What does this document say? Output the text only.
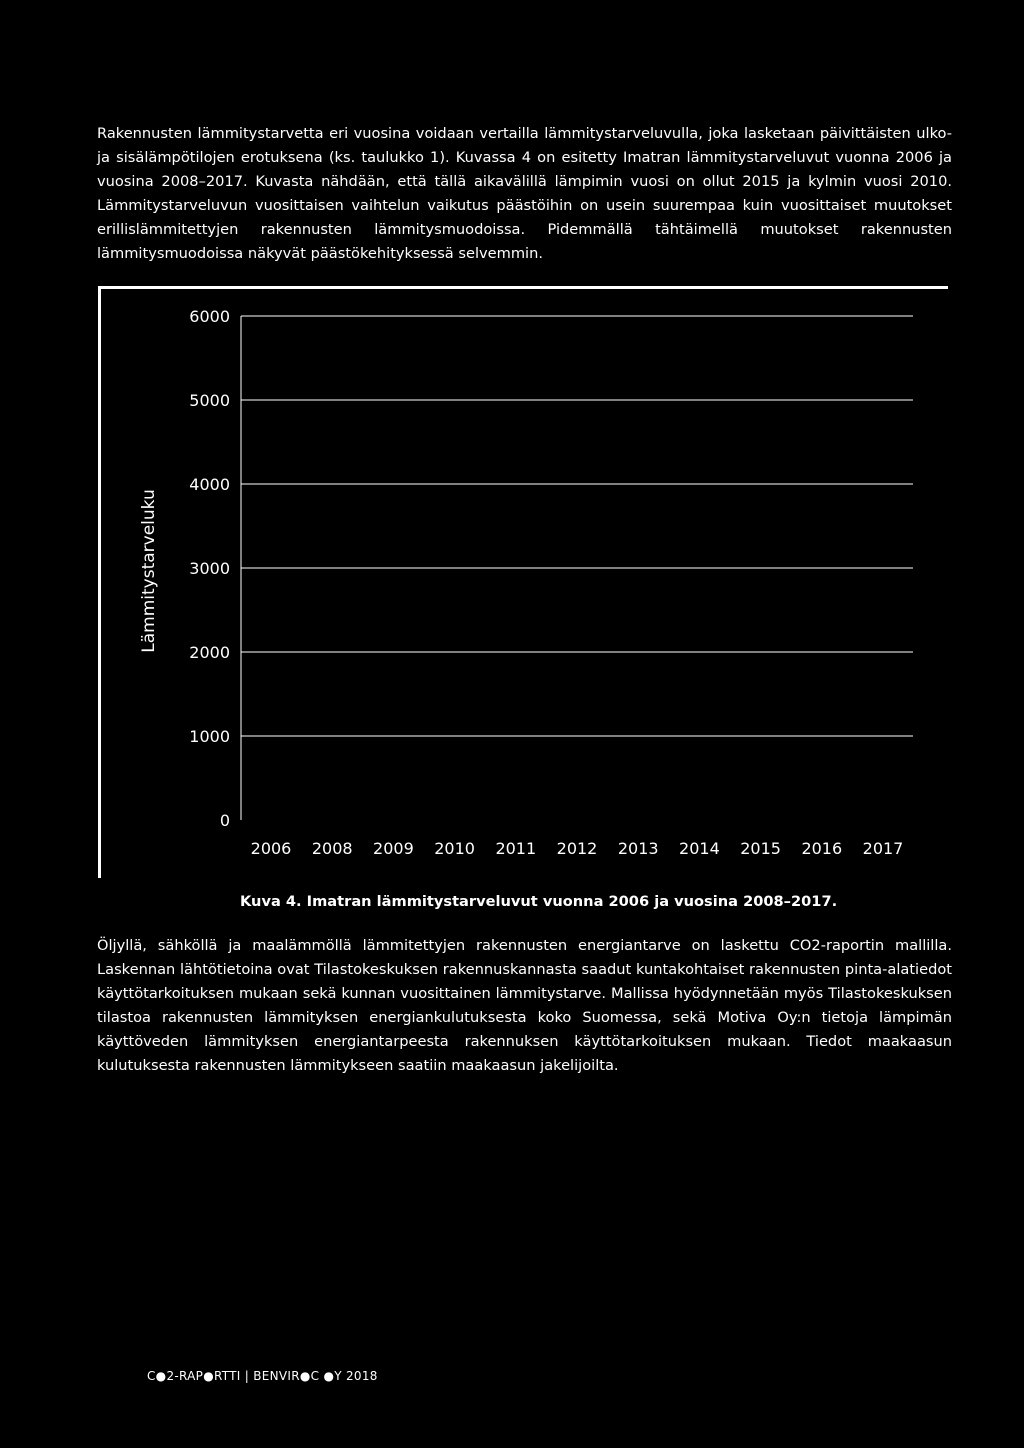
Rakennusten lämmitystarvetta eri vuosina voidaan vertailla lämmitystarveluvulla, joka lasketaan päivittäisten ulko- ja sisälämpötilojen erotuksena (ks. taulukko 1). Kuvassa 4 on esitetty Imatran lämmitystarveluvut vuonna 2006 ja vuosina 2008–2017. Kuvasta nähdään, että tällä aikavälillä lämpimin vuosi on ollut 2015 ja kylmin vuosi 2010. Lämmitystarveluvun vuosittaisen vaihtelun vaikutus päästöihin on usein suurempaa kuin vuosittaiset muutokset erillislämmitettyjen rakennusten lämmitysmuodoissa. Pidemmällä tähtäimellä muutokset rakennusten lämmitysmuodoissa näkyvät päästökehityksessä selvemmin.

0
1000
2000
3000
4000
5000
6000
2006 2008 2009 2010 2011 2012 2013 2014 2015 2016 2017
Lämmitystarveluku

Kuva 4. Imatran lämmitystarveluvut vuonna 2006 ja vuosina 2008–2017.

Öljyllä, sähköllä ja maalämmöllä lämmitettyjen rakennusten energiantarve on laskettu CO2-raportin mallilla. Laskennan lähtötietoina ovat Tilastokeskuksen rakennuskannasta saadut kuntakohtaiset rakennusten pinta-alatiedot käyttötarkoituksen mukaan sekä kunnan vuosittainen lämmitystarve. Mallissa hyödynnetään myös Tilastokeskuksen tilastoa rakennusten lämmityksen energiankulutuksesta koko Suomessa, sekä Motiva Oy:n tietoja lämpimän käyttöveden lämmityksen energiantarpeesta rakennuksen käyttötarkoituksen mukaan. Tiedot maakaasun kulutuksesta rakennusten lämmitykseen saatiin maakaasun jakelijoilta.

C●2-RAP●RTTI | BENVIR●C ●Y 2018
